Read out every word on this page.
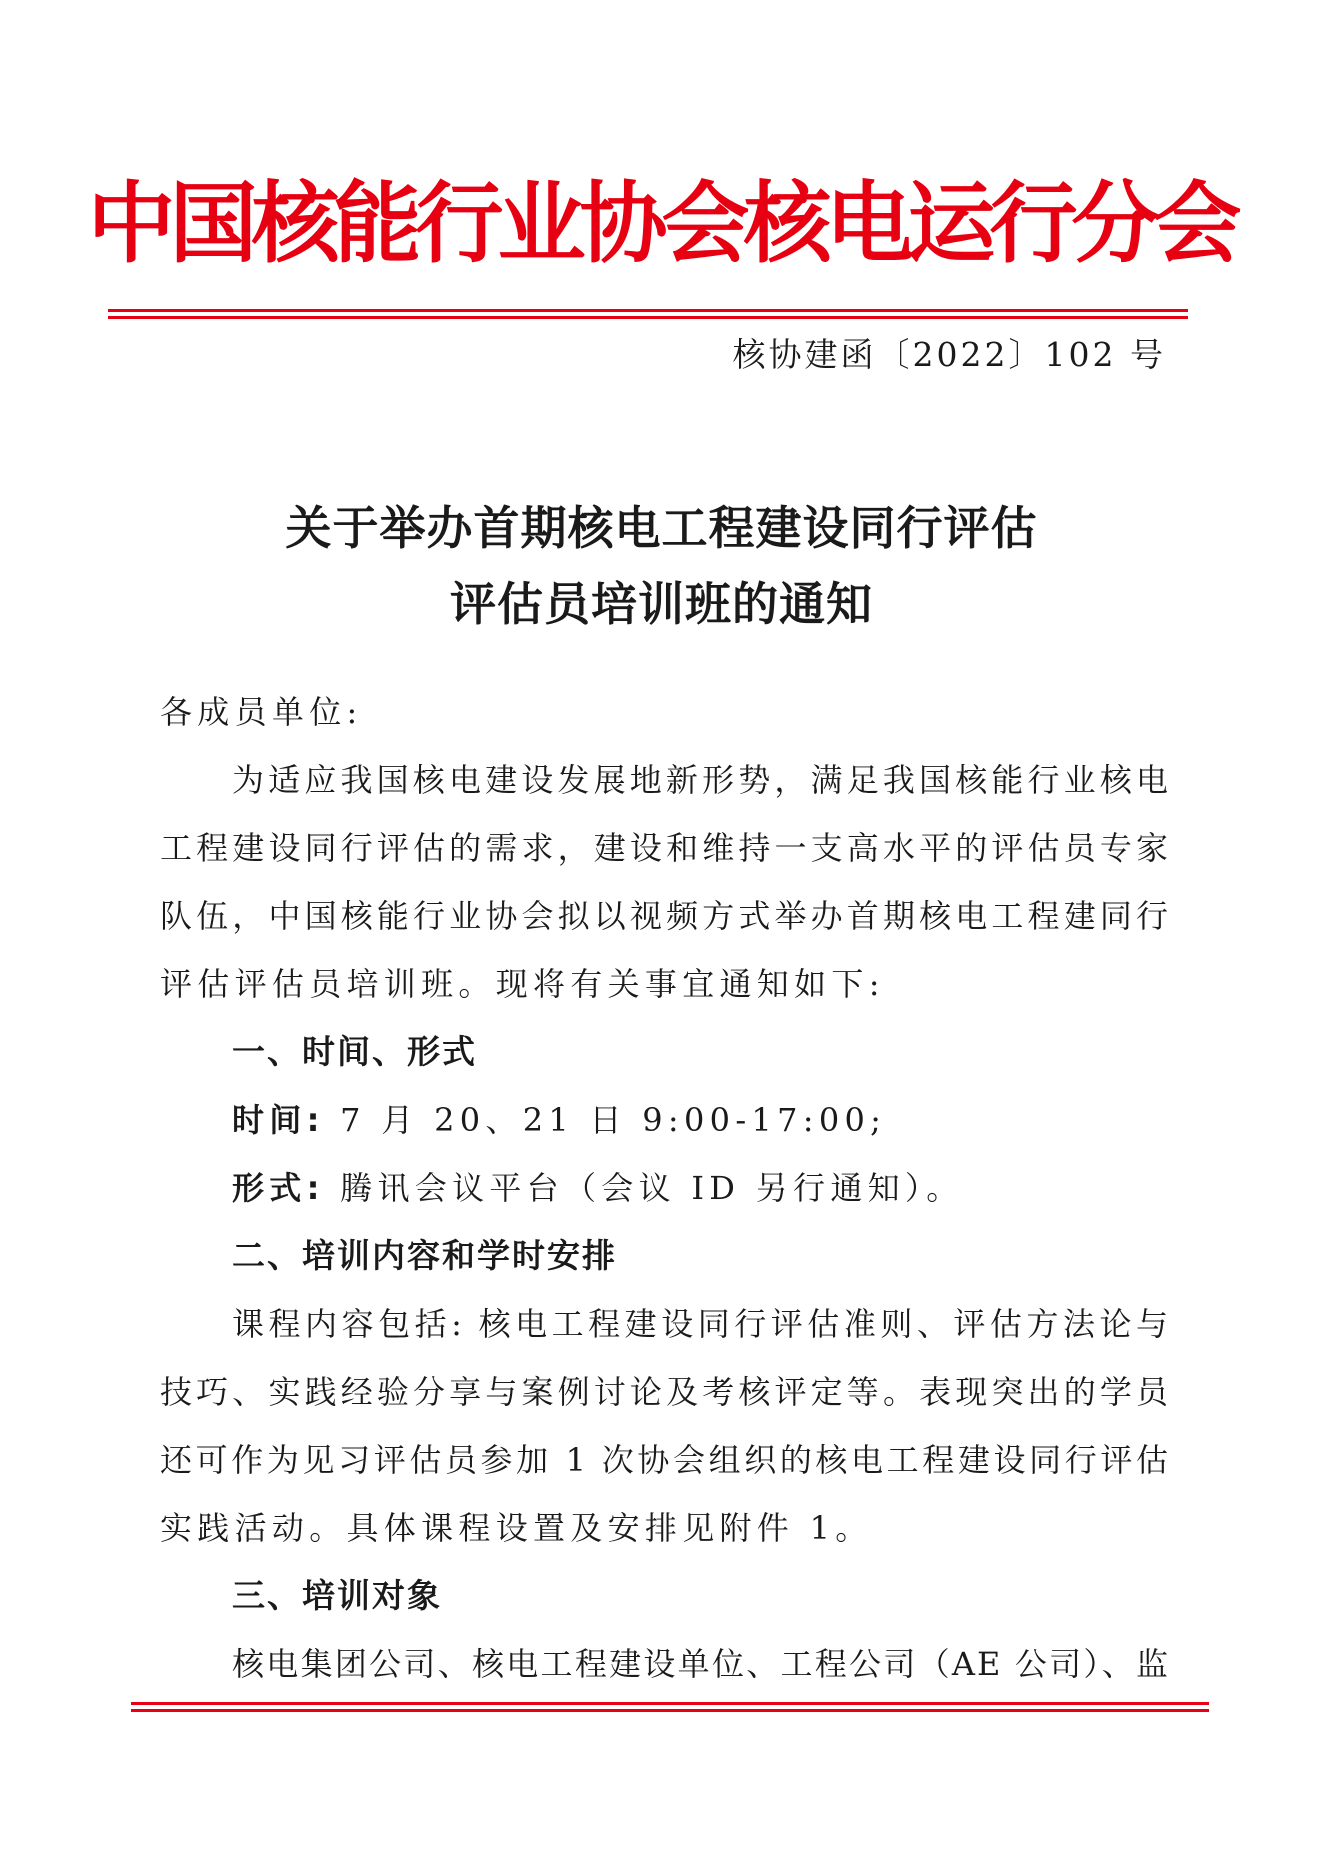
中国核能行业协会核电运行分会
核协建函〔2022〕102 号
关于举办首期核电工程建设同行评估
评估员培训班的通知
各成员单位:
为适应我国核电建设发展地新形势，满足我国核能行业核电
工程建设同行评估的需求，建设和维持一支高水平的评估员专家
队伍，中国核能行业协会拟以视频方式举办首期核电工程建同行
评估评估员培训班。现将有关事宜通知如下:
一、时间、形式
时间: 7 月 20、21 日 9:00-17:00;
形式: 腾讯会议平台（会议 ID 另行通知）。
二、培训内容和学时安排
课程内容包括: 核电工程建设同行评估准则、评估方法论与
技巧、实践经验分享与案例讨论及考核评定等。表现突出的学员
还可作为见习评估员参加 1 次协会组织的核电工程建设同行评估
实践活动。具体课程设置及安排见附件 1。
三、培训对象
核电集团公司、核电工程建设单位、工程公司（AE 公司）、监
